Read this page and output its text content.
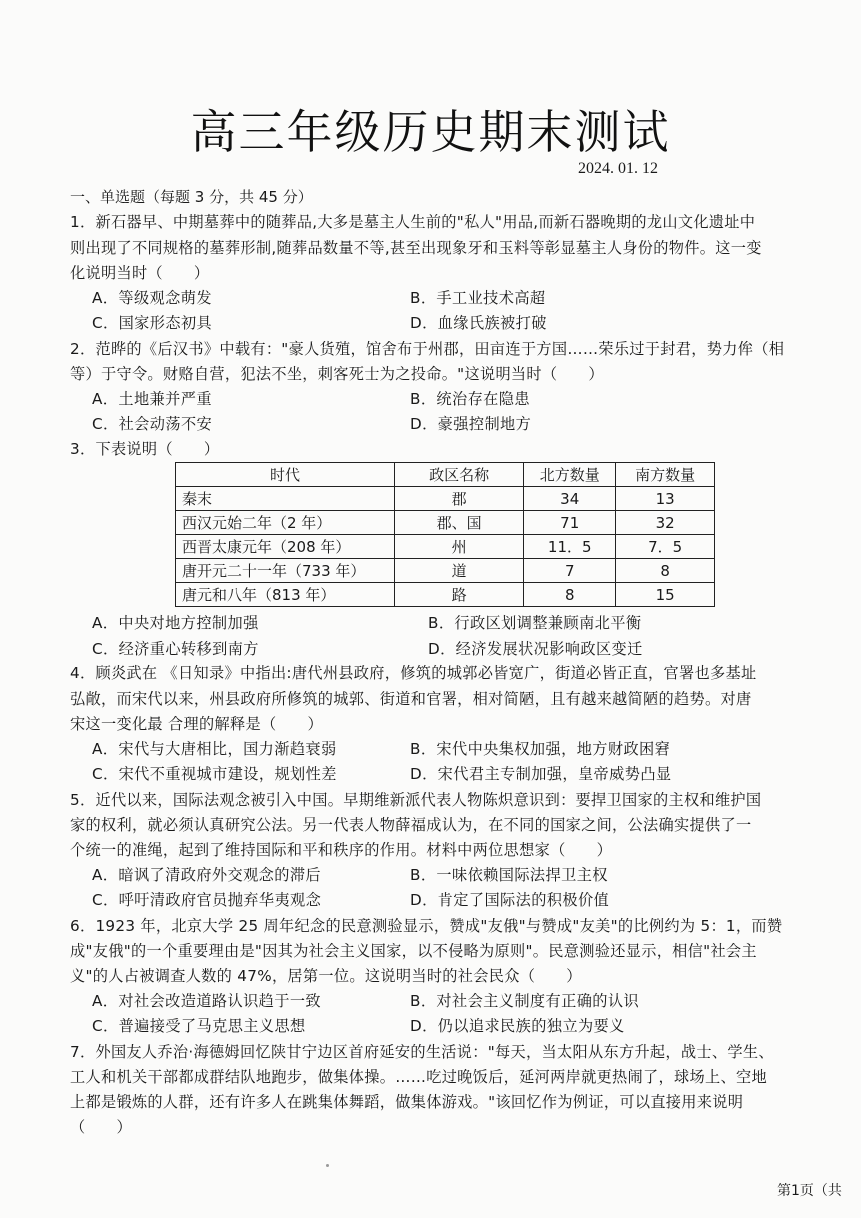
高三年级历史期末测试
2024. 01. 12
一、单选题（每题 3 分，共 45 分）
1．新石器早、中期墓葬中的随葬品,大多是墓主人生前的"私人"用品,而新石器晚期的龙山文化遗址中
则出现了不同规格的墓葬形制,随葬品数量不等,甚至出现象牙和玉料等彰显墓主人身份的物件。这一变
化说明当时（　　）
A．等级观念萌发	B．手工业技术高超
C．国家形态初具	D．血缘氏族被打破
2．范晔的《后汉书》中载有："豪人货殖，馆舍布于州郡，田亩连于方国……荣乐过于封君，势力侔（相
等）于守令。财赂自营，犯法不坐，刺客死士为之投命。"这说明当时（　　）
A．土地兼并严重	B．统治存在隐患
C．社会动荡不安	D．豪强控制地方
3．下表说明（　　）
时代	政区名称	北方数量	南方数量
秦末	郡	34	13
西汉元始二年（2 年）	郡、国	71	32
西晋太康元年（208 年）	州	11．5	7．5
唐开元二十一年（733 年）	道	7	8
唐元和八年（813 年）	路	8	15
A．中央对地方控制加强	B．行政区划调整兼顾南北平衡
C．经济重心转移到南方	D．经济发展状况影响政区变迁
4．顾炎武在 《日知录》中指出:唐代州县政府，修筑的城郭必皆宽广，街道必皆正直，官署也多基址
弘敞，而宋代以来，州县政府所修筑的城郭、街道和官署，相对简陋，且有越来越简陋的趋势。对唐
宋这一变化最 合理的解释是（　　）
A．宋代与大唐相比，国力渐趋衰弱	B．宋代中央集权加强，地方财政困窘
C．宋代不重视城市建设，规划性差	D．宋代君主专制加强，皇帝威势凸显
5．近代以来，国际法观念被引入中国。早期维新派代表人物陈炽意识到：要捍卫国家的主权和维护国
家的权利，就必须认真研究公法。另一代表人物薛福成认为，在不同的国家之间，公法确实提供了一
个统一的准绳，起到了维持国际和平和秩序的作用。材料中两位思想家（　　）
A．暗讽了清政府外交观念的滞后	B．一味依赖国际法捍卫主权
C．呼吁清政府官员抛弃华夷观念	D．肯定了国际法的积极价值
6．1923 年，北京大学 25 周年纪念的民意测验显示，赞成"友俄"与赞成"友美"的比例约为 5：1，而赞
成"友俄"的一个重要理由是"因其为社会主义国家，以不侵略为原则"。民意测验还显示，相信"社会主
义"的人占被调查人数的 47%，居第一位。这说明当时的社会民众（　　）
A．对社会改造道路认识趋于一致	B．对社会主义制度有正确的认识
C．普遍接受了马克思主义思想	D．仍以追求民族的独立为要义
7．外国友人乔治·海德姆回忆陕甘宁边区首府延安的生活说："每天，当太阳从东方升起，战士、学生、
工人和机关干部都成群结队地跑步，做集体操。……吃过晚饭后，延河两岸就更热闹了，球场上、空地
上都是锻炼的人群，还有许多人在跳集体舞蹈，做集体游戏。"该回忆作为例证，可以直接用来说明
（　　）
第1页（共
